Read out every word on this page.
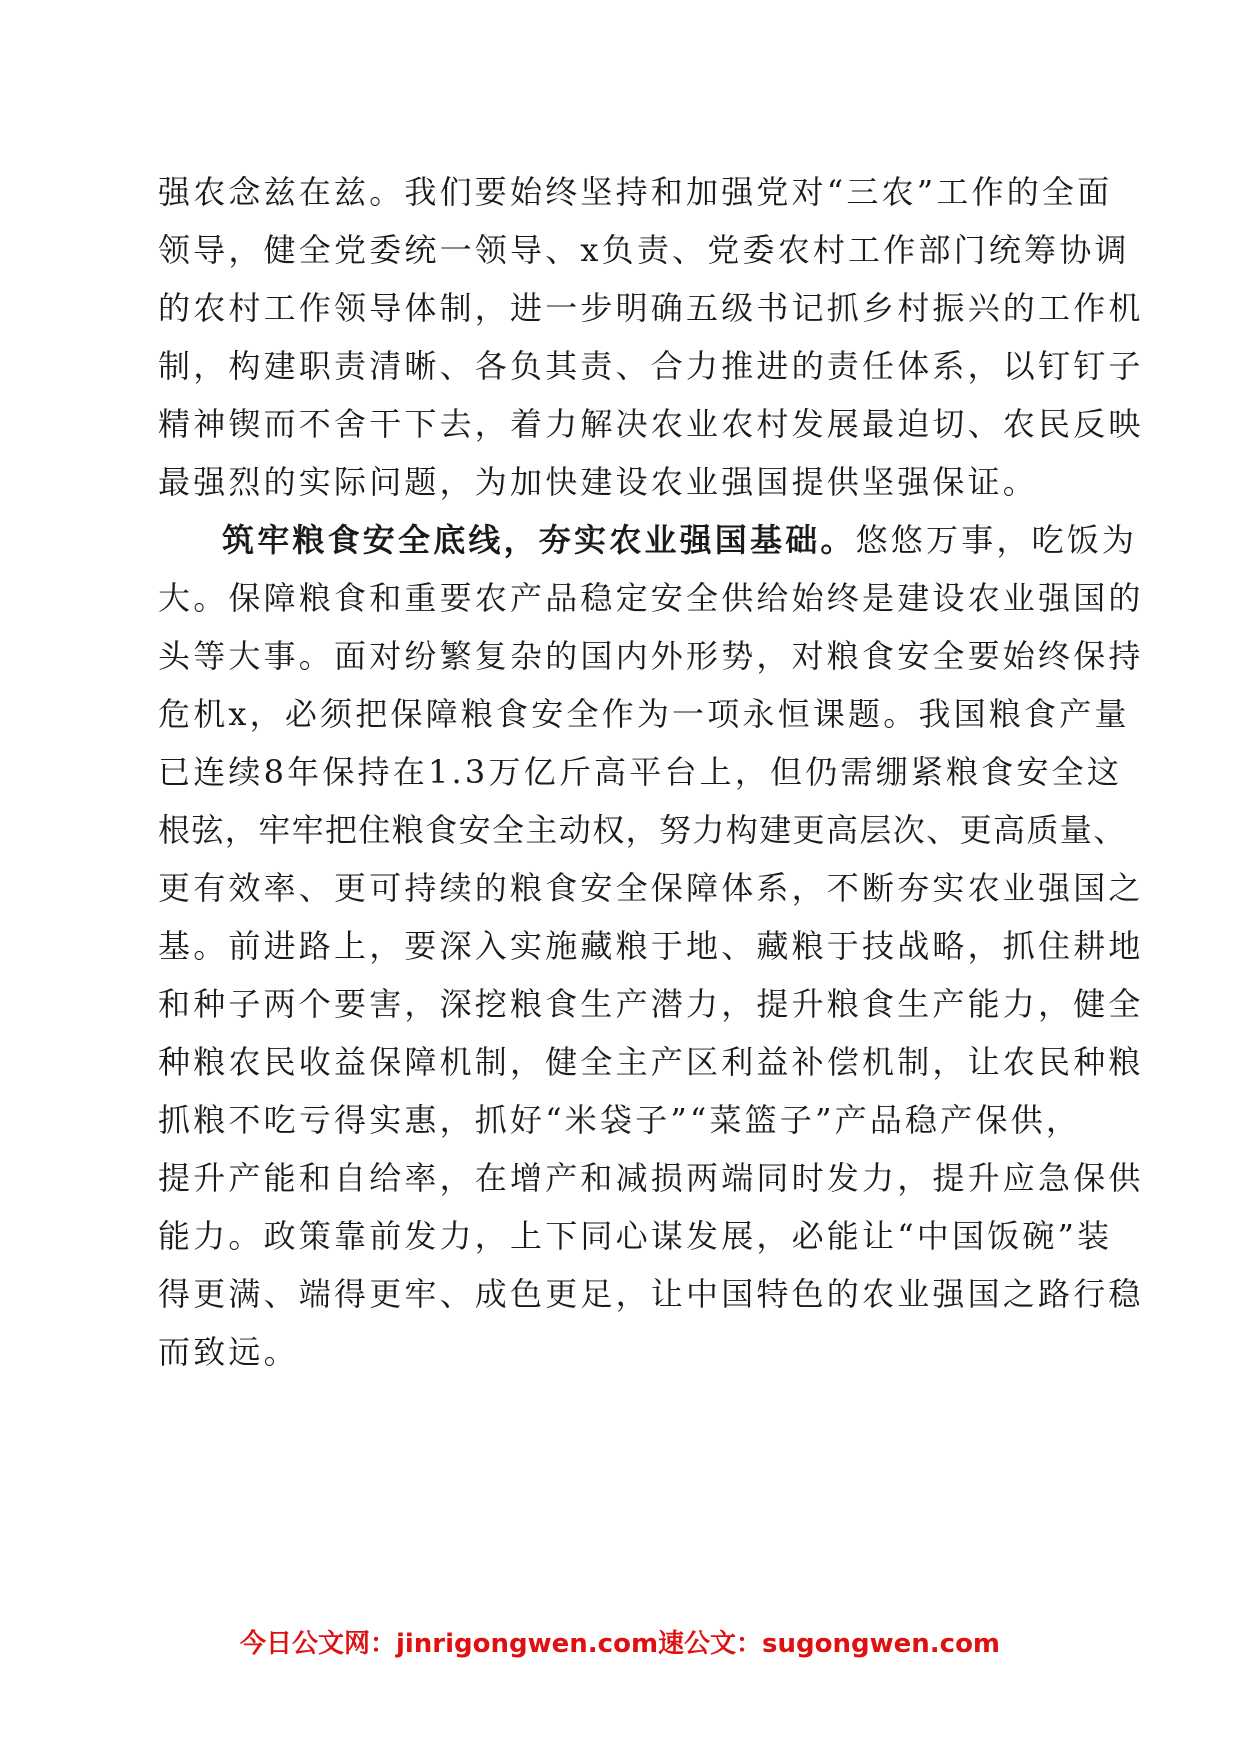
强农念兹在兹。我们要始终坚持和加强党对“三农”工作的全面
领导，健全党委统一领导、x负责、党委农村工作部门统筹协调
的农村工作领导体制，进一步明确五级书记抓乡村振兴的工作机
制，构建职责清晰、各负其责、合力推进的责任体系，以钉钉子
精神锲而不舍干下去，着力解决农业农村发展最迫切、农民反映
最强烈的实际问题，为加快建设农业强国提供坚强保证。
筑牢粮食安全底线，夯实农业强国基础。悠悠万事，吃饭为
大。保障粮食和重要农产品稳定安全供给始终是建设农业强国的
头等大事。面对纷繁复杂的国内外形势，对粮食安全要始终保持
危机x，必须把保障粮食安全作为一项永恒课题。我国粮食产量
已连续8年保持在1.3万亿斤高平台上，但仍需绷紧粮食安全这
根弦，牢牢把住粮食安全主动权，努力构建更高层次、更高质量、
更有效率、更可持续的粮食安全保障体系，不断夯实农业强国之
基。前进路上，要深入实施藏粮于地、藏粮于技战略，抓住耕地
和种子两个要害，深挖粮食生产潜力，提升粮食生产能力，健全
种粮农民收益保障机制，健全主产区利益补偿机制，让农民种粮
抓粮不吃亏得实惠，抓好“米袋子”“菜篮子”产品稳产保供，
提升产能和自给率，在增产和减损两端同时发力，提升应急保供
能力。政策靠前发力，上下同心谋发展，必能让“中国饭碗”装
得更满、端得更牢、成色更足，让中国特色的农业强国之路行稳
而致远。
今日公文网：jinrigongwen.com速公文：sugongwen.com
